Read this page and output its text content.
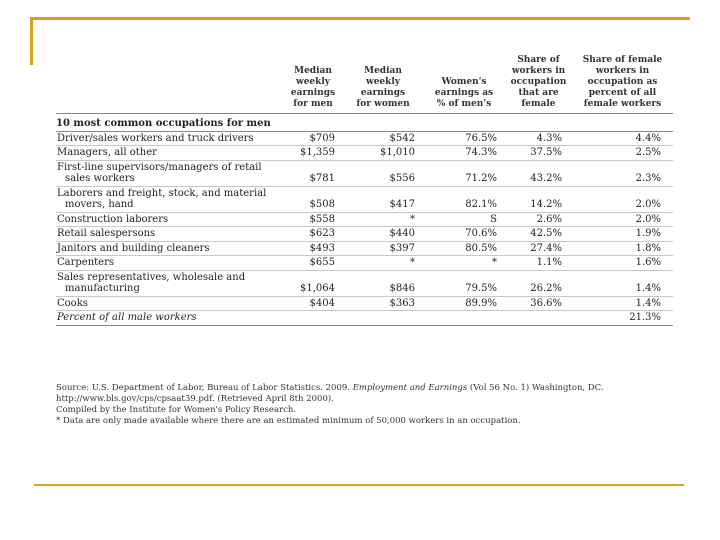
	Median
weekly
earnings
for men	Median
weekly
earnings
for women	Women's
earnings as
% of men's	Share of
workers in
occupation
that are
female	Share of female
workers in
occupation as
percent of all
female workers
10 most common occupations for men					
Driver/sales workers and truck drivers	$709	$542	76.5%	4.3%	4.4%
Managers, all other	$1,359	$1,010	74.3%	37.5%	2.5%
First-line supervisors/managers of retail
sales workers	$781	$556	71.2%	43.2%	2.3%
Laborers and freight, stock, and material
movers, hand	$508	$417	82.1%	14.2%	2.0%
Construction laborers	$558	*	S	2.6%	2.0%
Retail salespersons	$623	$440	70.6%	42.5%	1.9%
Janitors and building cleaners	$493	$397	80.5%	27.4%	1.8%
Carpenters	$655	*	*	1.1%	1.6%
Sales representatives, wholesale and
manufacturing	$1,064	$846	79.5%	26.2%	1.4%
Cooks	$404	$363	89.9%	36.6%	1.4%
Percent of all male workers					21.3%
Source: U.S. Department of Labor, Bureau of Labor Statistics. 2009. Employment and Earnings (Vol 56 No. 1) Washington, DC.
http://www.bls.gov/cps/cpsaat39.pdf. (Retrieved April 8th 2000).
Compiled by the Institute for Women's Policy Research.
* Data are only made available where there are an estimated minimum of 50,000 workers in an occupation.
